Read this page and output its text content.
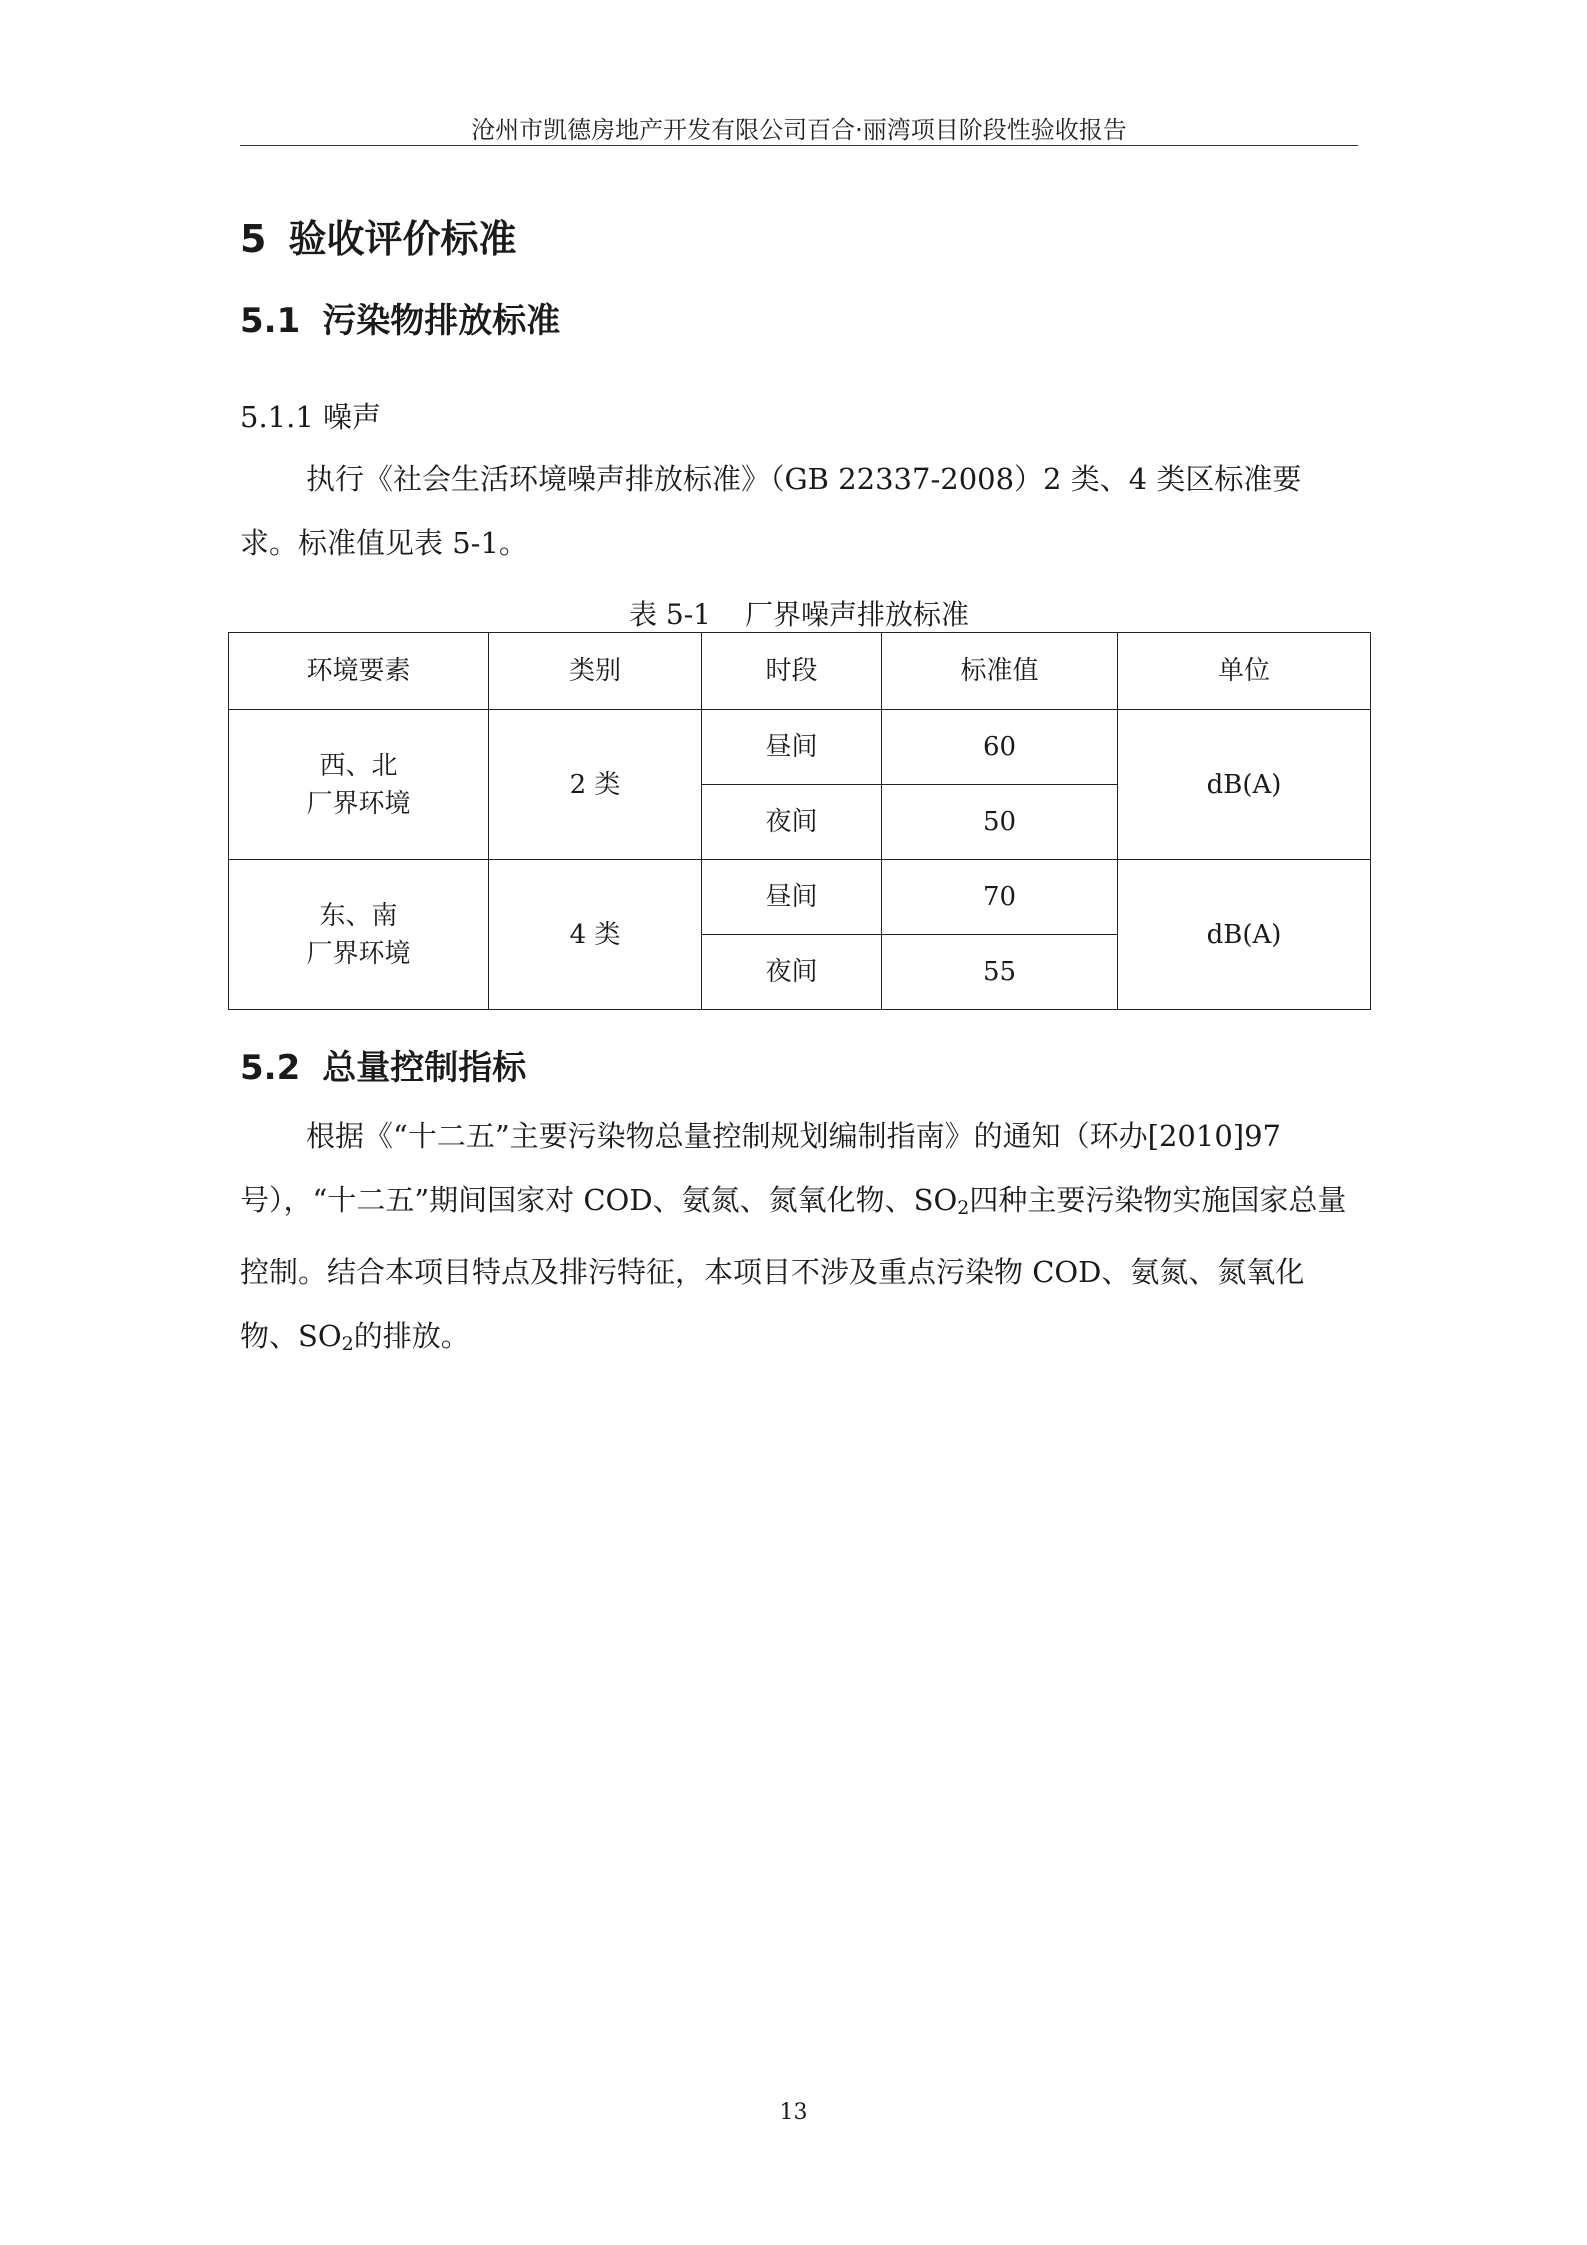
沧州市凯德房地产开发有限公司百合·丽湾项目阶段性验收报告
5 验收评价标准
5.1 污染物排放标准
5.1.1 噪声

执行《社会生活环境噪声排放标准》（GB 22337-2008）2 类、4 类区标准要求。标准值见表 5-1。

表 5-1 厂界噪声排放标准
环境要素	类别	时段	标准值	单位

西、北
厂界环境	2 类	昼间	60	dB(A)
		夜间	50	

东、南
厂界环境	4 类	昼间	70	dB(A)
		夜间	55	
5.2 总量控制指标

根据《“十二五”主要污染物总量控制规划编制指南》的通知（环办[2010]97 号），“十二五”期间国家对 COD、氨氮、氮氧化物、$SO_2$四种主要污染物实施国家总量控制。结合本项目特点及排污特征，本项目不涉及重点污染物 COD、氨氮、氮氧化物、$SO_2$的排放。

13
